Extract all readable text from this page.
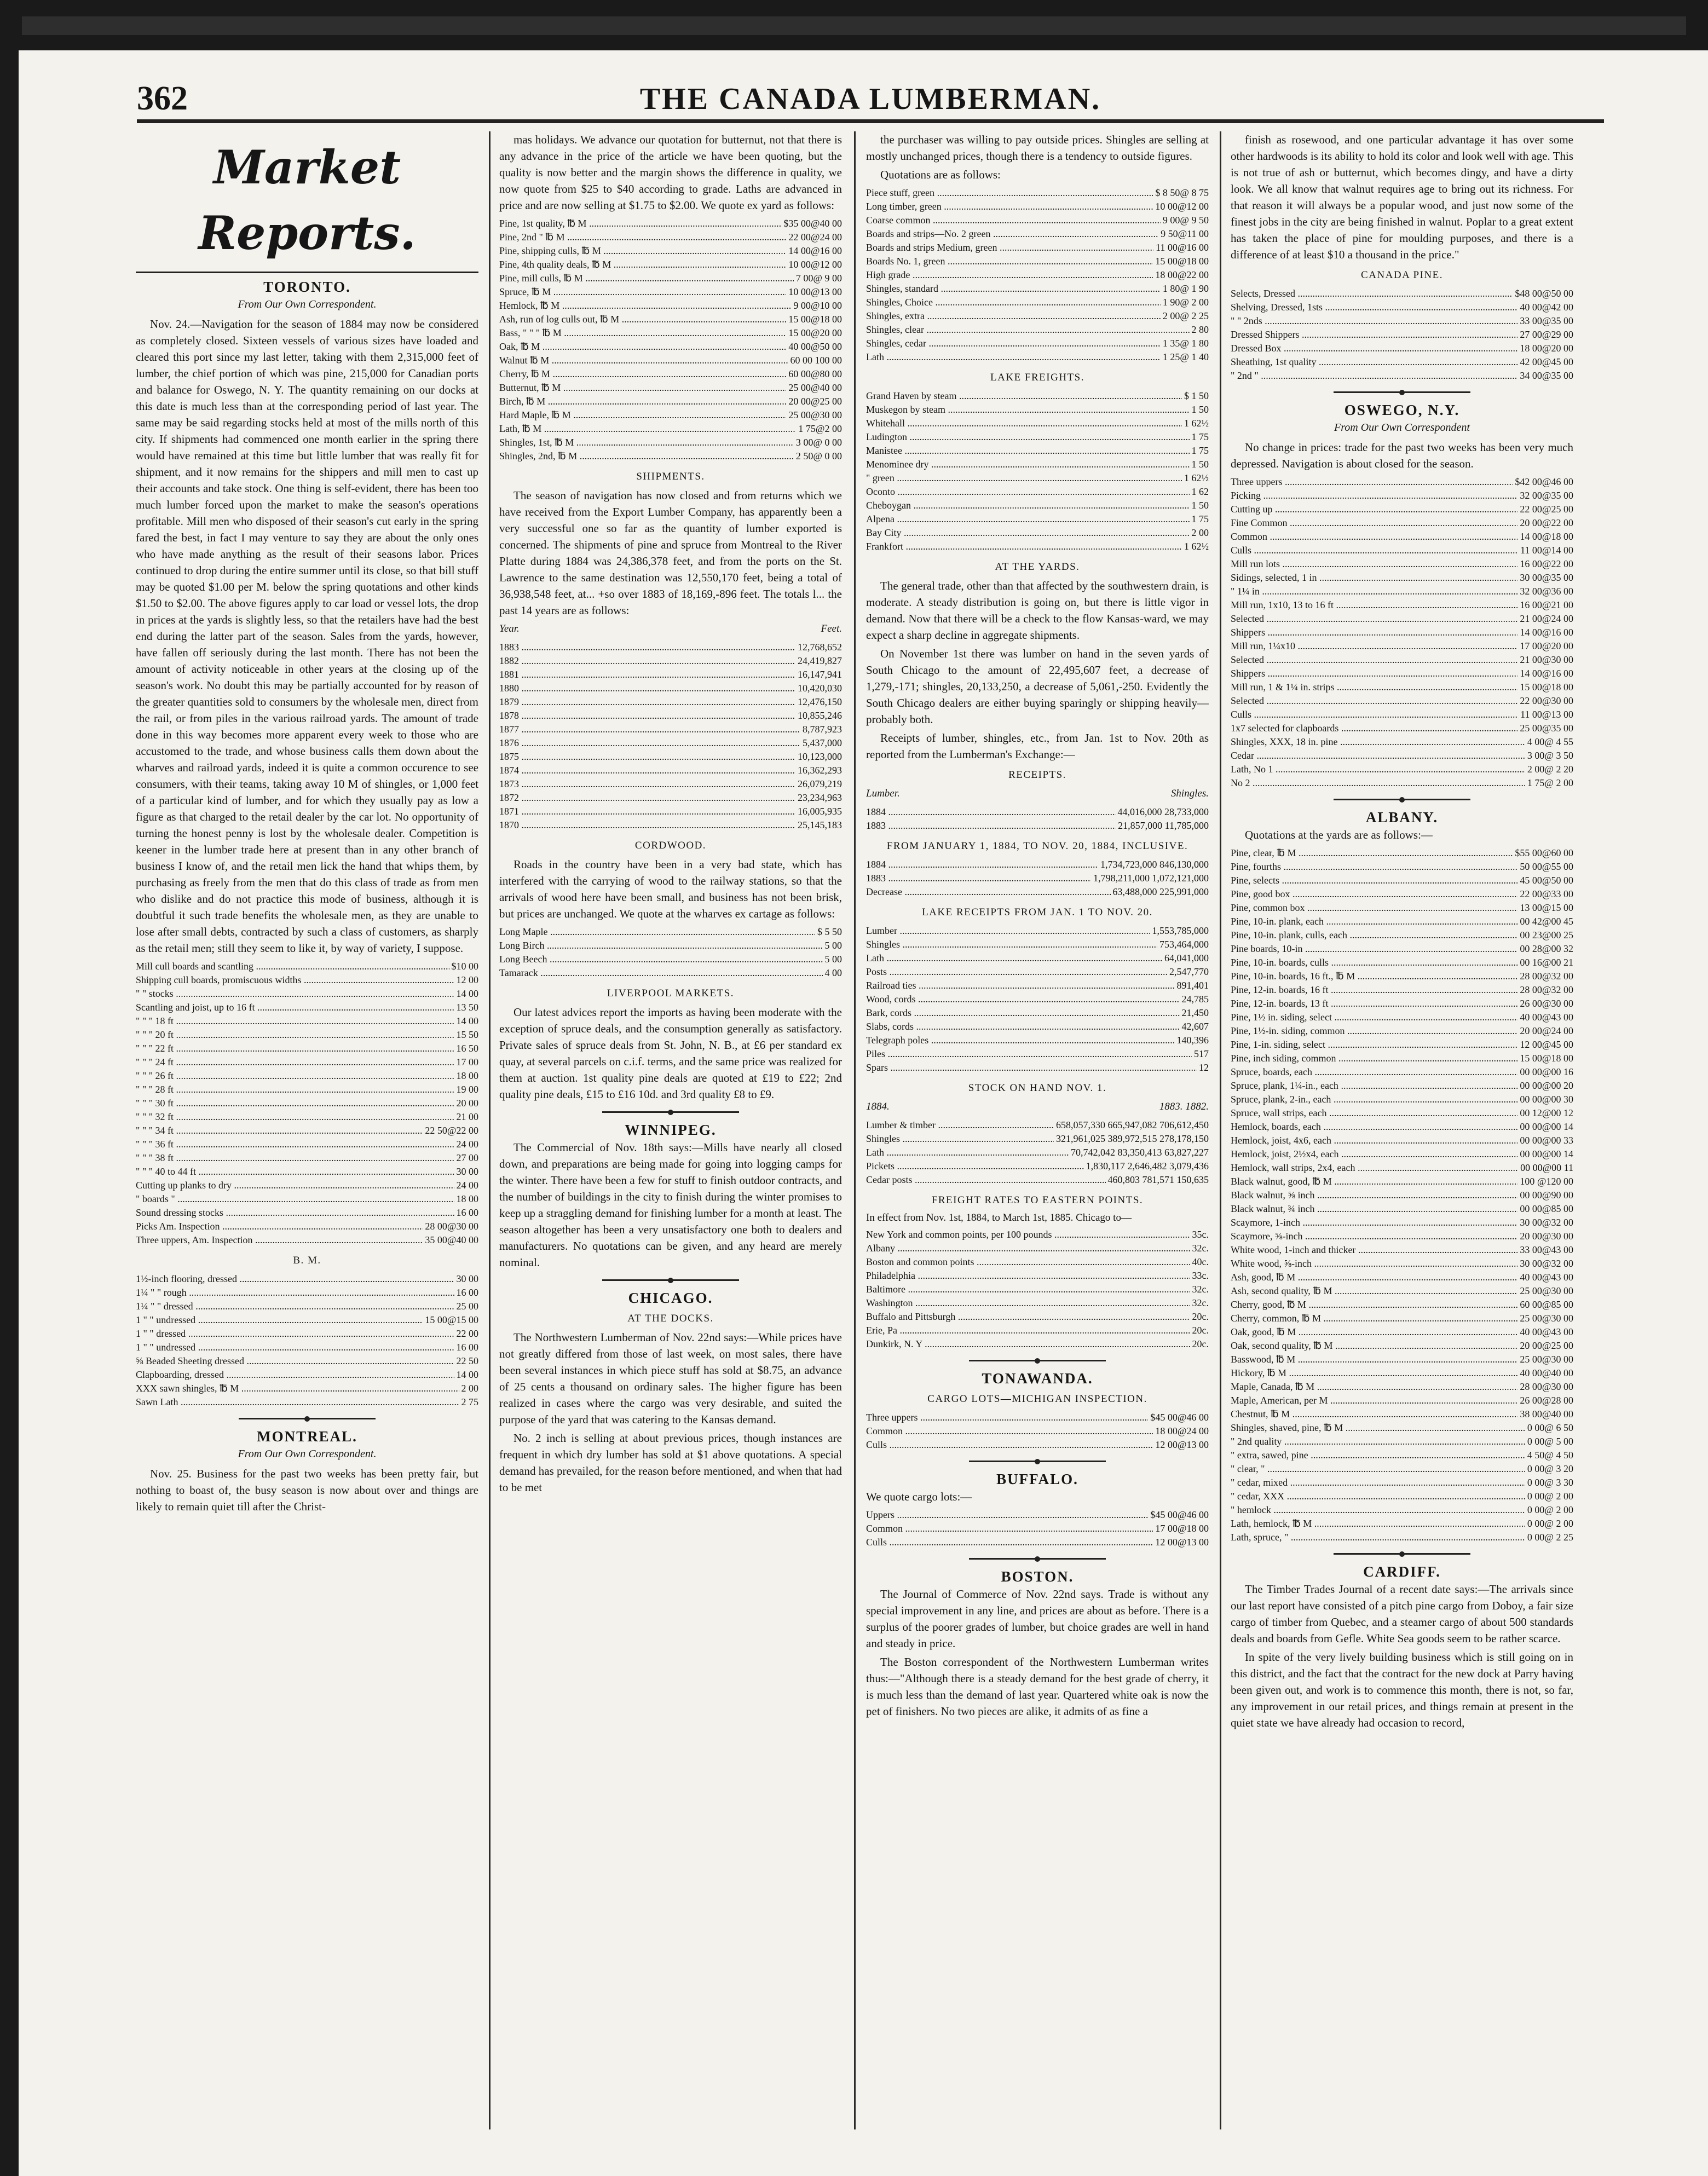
362	THE CANADA LUMBERMAN.
Market Reports.
TORONTO.
From Our Own Correspondent.

Nov. 24.—Navigation for the season of 1884 may now be considered as completely closed. Sixteen vessels of various sizes have loaded and cleared this port since my last letter, taking with them 2,315,000 feet of lumber, the chief portion of which was pine, 215,000 for Canadian ports and balance for Oswego, N. Y. The quantity remaining on our docks at this date is much less than at the corresponding period of last year. The same may be said regarding stocks held at most of the mills north of this city. If shipments had commenced one month earlier in the spring there would have remained at this time but little lumber that was really fit for shipment, and it now remains for the shippers and mill men to cast up their accounts and take stock. One thing is self-evident, there has been too much lumber forced upon the market to make the season's operations profitable. Mill men who disposed of their season's cut early in the spring fared the best, in fact I may venture to say they are about the only ones who have made anything as the result of their seasons labor. Prices continued to drop during the entire summer until its close, so that bill stuff may be quoted $1.00 per M. below the spring quotations and other kinds $1.50 to $2.00. The above figures apply to car load or vessel lots, the drop in prices at the yards is slightly less, so that the retailers have had the best end during the latter part of the season. Sales from the yards, however, have fallen off seriously during the last month. There has not been the amount of activity noticeable in other years at the closing up of the season's work. No doubt this may be partially accounted for by reason of the greater quantities sold to consumers by the wholesale men, direct from the rail, or from piles in the various railroad yards. The amount of trade done in this way becomes more apparent every week to those who are accustomed to the trade, and whose business calls them down about the wharves and railroad yards, indeed it is quite a common occurence to see consumers, with their teams, taking away 10 M of shingles, or 1,000 feet of a particular kind of lumber, and for which they usually pay as low a figure as that charged to the retail dealer by the car lot. No opportunity of turning the honest penny is lost by the wholesale dealer. Competition is keener in the lumber trade here at present than in any other branch of business I know of, and the retail men lick the hand that whips them, by purchasing as freely from the men that do this class of trade as from men who dislike and do not practice this mode of business, although it is doubtful it such trade benefits the wholesale men, as they are unable to lose after small debts, contracted by such a class of customers, as sharply as the retail men; still they seem to like it, by way of variety, I suppose.

Mill cull boards and scantling .....	$10 00
Shipping cull boards, promiscuous widths .....	12 00
" " stocks .....	14 00
Scantling and joist, up to 16 ft .....	13 50
" " " 18 ft .....	14 00
" " " 20 ft .....	15 50
" " " 22 ft .....	16 50
" " " 24 ft .....	17 00
" " " 26 ft .....	18 00
" " " 28 ft .....	19 00
" " " 30 ft .....	20 00
" " " 32 ft .....	21 00
" " " 34 ft .....	22 50@22 00
" " " 36 ft .....	24 00
" " " 38 ft .....	27 00
" " " 40 to 44 ft .....	30 00
Cutting up planks to dry .....	24 00
" boards " .....	18 00
Sound dressing stocks .....	16 00
Picks Am. Inspection .....	28 00@30 00
Three uppers, Am. Inspection .....	35 00@40 00
B. M.
1½-inch flooring, dressed .....	30 00
1¼ " " rough .....	16 00
1¼ " " dressed .....	25 00
1 " " undressed .....	15 00@15 00
1 " " dressed .....	22 00
1 " " undressed .....	16 00
⅝ Beaded Sheeting dressed .....	22 50
Clapboarding, dressed .....	14 00
XXX sawn shingles, ℔ M .....	2 00
Sawn Lath .....	2 75
MONTREAL.
From Our Own Correspondent.

Nov. 25. Business for the past two weeks has been pretty fair, but nothing to boast of, the busy season is now about over and things are likely to remain quiet till after the Christ-

mas holidays. We advance our quotation for butternut, not that there is any advance in the price of the article we have been quoting, but the quality is now better and the margin shows the difference in quality, we now quote from $25 to $40 according to grade. Laths are advanced in price and are now selling at $1.75 to $2.00. We quote ex yard as follows:

Pine, 1st quality, ℔ M .....	$35 00@40 00
Pine, 2nd " ℔ M .....	22 00@24 00
Pine, shipping culls, ℔ M .....	14 00@16 00
Pine, 4th quality deals, ℔ M .....	10 00@12 00
Pine, mill culls, ℔ M .....	7 00@ 9 00
Spruce, ℔ M .....	10 00@13 00
Hemlock, ℔ M .....	9 00@10 00
Ash, run of log culls out, ℔ M .....	15 00@18 00
Bass, " " " ℔ M .....	15 00@20 00
Oak, ℔ M .....	40 00@50 00
Walnut ℔ M .....	60 00 100 00
Cherry, ℔ M .....	60 00@80 00
Butternut, ℔ M .....	25 00@40 00
Birch, ℔ M .....	20 00@25 00
Hard Maple, ℔ M .....	25 00@30 00
Lath, ℔ M .....	1 75@2 00
Shingles, 1st, ℔ M .....	3 00@ 0 00
Shingles, 2nd, ℔ M .....	2 50@ 0 00
SHIPMENTS.

The season of navigation has now closed and from returns which we have received from the Export Lumber Company, has apparently been a very successful one so far as the quantity of lumber exported is concerned. The shipments of pine and spruce from Montreal to the River Platte during 1884 was 24,386,378 feet, and from the ports on the St. Lawrence to the same destination was 12,550,170 feet, being a total of 36,938,548 feet, at... +so over 1883 of 18,169,-896 feet. The totals l... the past 14 years are as follows:

Year.	Feet.
1883 .....	12,768,652
1882 .....	24,419,827
1881 .....	16,147,941
1880 .....	10,420,030
1879 .....	12,476,150
1878 .....	10,855,246
1877 .....	8,787,923
1876 .....	5,437,000
1875 .....	10,123,000
1874 .....	16,362,293
1873 .....	26,079,219
1872 .....	23,234,963
1871 .....	16,005,935
1870 .....	25,145,183
CORDWOOD.

Roads in the country have been in a very bad state, which has interfered with the carrying of wood to the railway stations, so that the arrivals of wood here have been small, and business has not been brisk, but prices are unchanged. We quote at the wharves ex cartage as follows:

Long Maple .....	$ 5 50
Long Birch .....	5 00
Long Beech .....	5 00
Tamarack .....	4 00
LIVERPOOL MARKETS.

Our latest advices report the imports as having been moderate with the exception of spruce deals, and the consumption generally as satisfactory. Private sales of spruce deals from St. John, N. B., at £6 per standard ex quay, at several parcels on c.i.f. terms, and the same price was realized for them at auction. 1st quality pine deals are quoted at £19 to £22; 2nd quality pine deals, £15 to £16 10d. and 3rd quality £8 to £9.

WINNIPEG.

The Commercial of Nov. 18th says:—Mills have nearly all closed down, and preparations are being made for going into logging camps for the winter. There have been a few for stuff to finish outdoor contracts, and the number of buildings in the city to finish during the winter promises to keep up a straggling demand for finishing lumber for a month at least. The season altogether has been a very unsatisfactory one both to dealers and manufacturers. No quotations can be given, and any heard are merely nominal.

CHICAGO.
AT THE DOCKS.

The Northwestern Lumberman of Nov. 22nd says:—While prices have not greatly differed from those of last week, on most sales, there have been several instances in which piece stuff has sold at $8.75, an advance of 25 cents a thousand on ordinary sales. The higher figure has been realized in cases where the cargo was very desirable, and suited the purpose of the yard that was catering to the Kansas demand.

No. 2 inch is selling at about previous prices, though instances are frequent in which dry lumber has sold at $1 above quotations. A special demand has prevailed, for the reason before mentioned, and when that had to be met

the purchaser was willing to pay outside prices. Shingles are selling at mostly unchanged prices, though there is a tendency to outside figures.

Quotations are as follows:

Piece stuff, green .....	$ 8 50@ 8 75
Long timber, green .....	10 00@12 00
Coarse common .....	9 00@ 9 50
Boards and strips—No. 2 green .....	9 50@11 00
Boards and strips Medium, green .....	11 00@16 00
Boards No. 1, green .....	15 00@18 00
High grade .....	18 00@22 00
Shingles, standard .....	1 80@ 1 90
Shingles, Choice .....	1 90@ 2 00
Shingles, extra .....	2 00@ 2 25
Shingles, clear .....	2 80
Shingles, cedar .....	1 35@ 1 80
Lath .....	1 25@ 1 40
LAKE FREIGHTS.
Grand Haven by steam .....	$ 1 50
Muskegon by steam .....	1 50
Whitehall .....	1 62½
Ludington .....	1 75
Manistee .....	1 75
Menominee dry .....	1 50
" green .....	1 62½
Oconto .....	1 62
Cheboygan .....	1 50
Alpena .....	1 75
Bay City .....	2 00
Frankfort .....	1 62½
AT THE YARDS.

The general trade, other than that affected by the southwestern drain, is moderate. A steady distribution is going on, but there is little vigor in demand. Now that there will be a check to the flow Kansas-ward, we may expect a sharp decline in aggregate shipments.

On November 1st there was lumber on hand in the seven yards of South Chicago to the amount of 22,495,607 feet, a decrease of 1,279,-171; shingles, 20,133,250, a decrease of 5,061,-250. Evidently the South Chicago dealers are either buying sparingly or shipping heavily—probably both.

Receipts of lumber, shingles, etc., from Jan. 1st to Nov. 20th as reported from the Lumberman's Exchange:—

RECEIPTS.
Lumber.	Shingles.
1884 .....	44,016,000 28,733,000
1883 .....	21,857,000 11,785,000
FROM JANUARY 1, 1884, TO NOV. 20, 1884, INCLUSIVE.
1884 .....	1,734,723,000 846,130,000
1883 .....	1,798,211,000 1,072,121,000
Decrease .....	63,488,000 225,991,000
LAKE RECEIPTS FROM JAN. 1 TO NOV. 20.
Lumber .....	1,553,785,000
Shingles .....	753,464,000
Lath .....	64,041,000
Posts .....	2,547,770
Railroad ties .....	891,401
Wood, cords .....	24,785
Bark, cords .....	21,450
Slabs, cords .....	42,607
Telegraph poles .....	140,396
Piles .....	517
Spars .....	12
STOCK ON HAND NOV. 1.
1884.	1883. 1882.
Lumber & timber .....	658,057,330 665,947,082 706,612,450
Shingles .....	321,961,025 389,972,515 278,178,150
Lath .....	70,742,042 83,350,413 63,827,227
Pickets .....	1,830,117 2,646,482 3,079,436
Cedar posts .....	460,803 781,571 150,635
FREIGHT RATES TO EASTERN POINTS.
In effect from Nov. 1st, 1884, to March 1st, 1885. Chicago to—
New York and common points, per 100 pounds .....	35c.
Albany .....	32c.
Boston and common points .....	40c.
Philadelphia .....	33c.
Baltimore .....	32c.
Washington .....	32c.
Buffalo and Pittsburgh .....	20c.
Erie, Pa .....	20c.
Dunkirk, N. Y .....	20c.
TONAWANDA.
CARGO LOTS—MICHIGAN INSPECTION.
Three uppers .....	$45 00@46 00
Common .....	18 00@24 00
Culls .....	12 00@13 00
BUFFALO.
We quote cargo lots:—
Uppers .....	$45 00@46 00
Common .....	17 00@18 00
Culls .....	12 00@13 00
BOSTON.

The Journal of Commerce of Nov. 22nd says. Trade is without any special improvement in any line, and prices are about as before. There is a surplus of the poorer grades of lumber, but choice grades are well in hand and steady in price.

The Boston correspondent of the Northwestern Lumberman writes thus:—"Although there is a steady demand for the best grade of cherry, it is much less than the demand of last year. Quartered white oak is now the pet of finishers. No two pieces are alike, it admits of as fine a

finish as rosewood, and one particular advantage it has over some other hardwoods is its ability to hold its color and look well with age. This is not true of ash or butternut, which becomes dingy, and have a dirty look. We all know that walnut requires age to bring out its richness. For that reason it will always be a popular wood, and just now some of the finest jobs in the city are being finished in walnut. Poplar to a great extent has taken the place of pine for moulding purposes, and there is a difference of at least $10 a thousand in the price."

CANADA PINE.
Selects, Dressed .....	$48 00@50 00
Shelving, Dressed, 1sts .....	40 00@42 00
" " 2nds .....	33 00@35 00
Dressed Shippers .....	27 00@29 00
Dressed Box .....	18 00@20 00
Sheathing, 1st quality .....	42 00@45 00
" 2nd " .....	34 00@35 00
OSWEGO, N.Y.
From Our Own Correspondent

No change in prices: trade for the past two weeks has been very much depressed. Navigation is about closed for the season.

Three uppers .....	$42 00@46 00
Picking .....	32 00@35 00
Cutting up .....	22 00@25 00
Fine Common .....	20 00@22 00
Common .....	14 00@18 00
Culls .....	11 00@14 00
Mill run lots .....	16 00@22 00
Sidings, selected, 1 in .....	30 00@35 00
" 1¼ in .....	32 00@36 00
Mill run, 1x10, 13 to 16 ft .....	16 00@21 00
Selected .....	21 00@24 00
Shippers .....	14 00@16 00
Mill run, 1¼x10 .....	17 00@20 00
Selected .....	21 00@30 00
Shippers .....	14 00@16 00
Mill run, 1 & 1¼ in. strips .....	15 00@18 00
Selected .....	22 00@30 00
Culls .....	11 00@13 00
1x7 selected for clapboards .....	25 00@35 00
Shingles, XXX, 18 in. pine .....	4 00@ 4 55
Cedar .....	3 00@ 3 50
Lath, No 1 .....	2 00@ 2 20
No 2 .....	1 75@ 2 00
ALBANY.

Quotations at the yards are as follows:—

Pine, clear, ℔ M .....	$55 00@60 00
Pine, fourths .....	50 00@55 00
Pine, selects .....	45 00@50 00
Pine, good box .....	22 00@33 00
Pine, common box .....	13 00@15 00
Pine, 10-in. plank, each .....	00 42@00 45
Pine, 10-in. plank, culls, each .....	00 23@00 25
Pine boards, 10-in .....	00 28@00 32
Pine, 10-in. boards, culls .....	00 16@00 21
Pine, 10-in. boards, 16 ft., ℔ M .....	28 00@32 00
Pine, 12-in. boards, 16 ft .....	28 00@32 00
Pine, 12-in. boards, 13 ft .....	26 00@30 00
Pine, 1½ in. siding, select .....	40 00@43 00
Pine, 1½-in. siding, common .....	20 00@24 00
Pine, 1-in. siding, select .....	12 00@45 00
Pine, inch siding, common .....	15 00@18 00
Spruce, boards, each .....	00 00@00 16
Spruce, plank, 1¼-in., each .....	00 00@00 20
Spruce, plank, 2-in., each .....	00 00@00 30
Spruce, wall strips, each .....	00 12@00 12
Hemlock, boards, each .....	00 00@00 14
Hemlock, joist, 4x6, each .....	00 00@00 33
Hemlock, joist, 2½x4, each .....	00 00@00 14
Hemlock, wall strips, 2x4, each .....	00 00@00 11
Black walnut, good, ℔ M .....	100 @120 00
Black walnut, ⅝ inch .....	00 00@90 00
Black walnut, ¾ inch .....	00 00@85 00
Scaymore, 1-inch .....	30 00@32 00
Scaymore, ⅝-inch .....	20 00@30 00
White wood, 1-inch and thicker .....	33 00@43 00
White wood, ⅝-inch .....	30 00@32 00
Ash, good, ℔ M .....	40 00@43 00
Ash, second quality, ℔ M .....	25 00@30 00
Cherry, good, ℔ M .....	60 00@85 00
Cherry, common, ℔ M .....	25 00@30 00
Oak, good, ℔ M .....	40 00@43 00
Oak, second quality, ℔ M .....	20 00@25 00
Basswood, ℔ M .....	25 00@30 00
Hickory, ℔ M .....	40 00@40 00
Maple, Canada, ℔ M .....	28 00@30 00
Maple, American, per M .....	26 00@28 00
Chestnut, ℔ M .....	38 00@40 00
Shingles, shaved, pine, ℔ M .....	0 00@ 6 50
" 2nd quality .....	0 00@ 5 00
" extra, sawed, pine .....	4 50@ 4 50
" clear, " .....	0 00@ 3 20
" cedar, mixed .....	0 00@ 3 30
" cedar, XXX .....	0 00@ 2 00
" hemlock .....	0 00@ 2 00
Lath, hemlock, ℔ M .....	0 00@ 2 00
Lath, spruce, " .....	0 00@ 2 25
CARDIFF.

The Timber Trades Journal of a recent date says:—The arrivals since our last report have consisted of a pitch pine cargo from Doboy, a fair size cargo of timber from Quebec, and a steamer cargo of about 500 standards deals and boards from Gefle. White Sea goods seem to be rather scarce.

In spite of the very lively building business which is still going on in this district, and the fact that the contract for the new dock at Parry having been given out, and work is to commence this month, there is not, so far, any improvement in our retail prices, and things remain at present in the quiet state we have already had occasion to record,
